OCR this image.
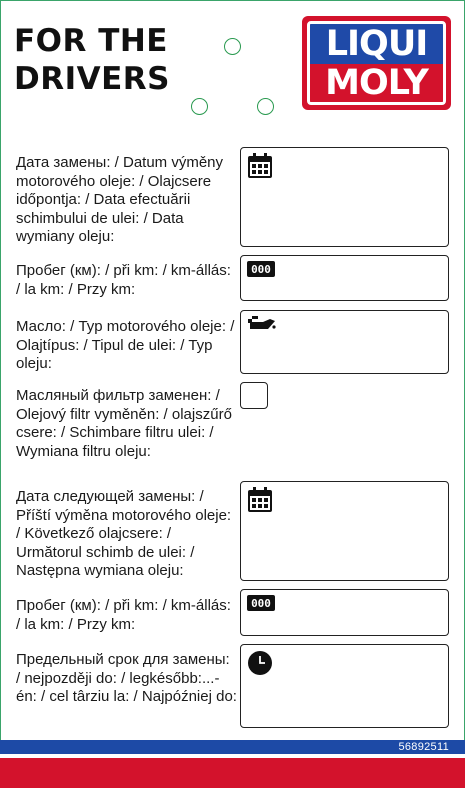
FOR THE
DRIVERS
LIQUI
MOLY
Дата замены: / Datum výměny motorového oleje: / Olajcsere időpontja: / Data efectuării schimbului de ulei: / Data wymiany oleju:
Пробег (км): / při km: / km-állás: / la km: / Przy km:
000
Масло: / Typ motorového oleje: / Olajtípus: / Tipul de ulei: / Typ oleju:
Масляный фильтр заменен: / Olejový filtr vyměněn: / olajszűrő csere: / Schimbare filtru ulei: / Wymiana filtru oleju:
Дата следующей замены: / Příští výměna motorového oleje: / Következő olajcsere: / Următorul schimb de ulei: / Następna wymiana oleju:
Пробег (км): / při km: / km-állás: / la km: / Przy km:
000
Предельный срок для замены: / nejpozději do: / legkésőbb:...-én: / cel târziu la: / Najpóźniej do:
56892511
